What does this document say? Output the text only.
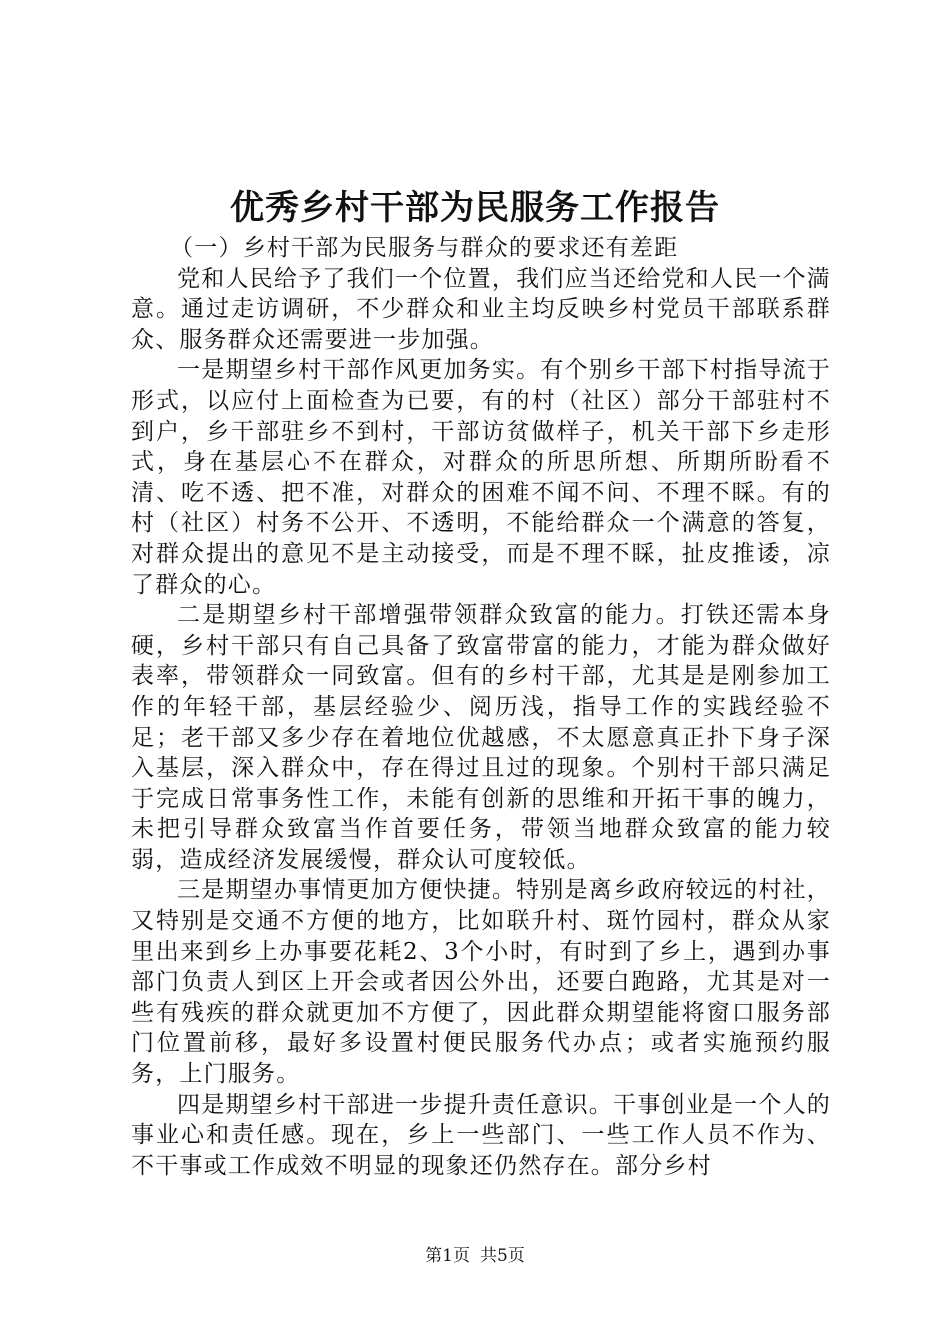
优秀乡村干部为民服务工作报告

（一）乡村干部为民服务与群众的要求还有差距

党和人民给予了我们一个位置，我们应当还给党和人民一个満意。通过走访调研，不少群众和业主均反映乡村党员干部联系群众、服务群众还需要进一步加强。

一是期望乡村干部作风更加务实。有个别乡干部下村指导流于形式，以应付上面检查为已要，有的村（社区）部分干部驻村不到户，乡干部驻乡不到村，干部访贫做样子，机关干部下乡走形式，身在基层心不在群众，对群众的所思所想、所期所盼看不清、吃不透、把不准，对群众的困难不闻不问、不理不睬。有的村（社区）村务不公开、不透明，不能给群众一个满意的答复，对群众提出的意见不是主动接受，而是不理不睬，扯皮推诿，凉了群众的心。

二是期望乡村干部增强带领群众致富的能力。打铁还需本身硬，乡村干部只有自己具备了致富带富的能力，才能为群众做好表率，带领群众一同致富。但有的乡村干部，尤其是是刚参加工作的年轻干部，基层经验少、阅历浅，指导工作的实践经验不足；老干部又多少存在着地位优越感，不太愿意真正扑下身子深入基层，深入群众中，存在得过且过的现象。个别村干部只满足于完成日常事务性工作，未能有创新的思维和开拓干事的魄力，未把引导群众致富当作首要任务，带领当地群众致富的能力较弱，造成经济发展缓慢，群众认可度较低。

三是期望办事情更加方便快捷。特别是离乡政府较远的村社，又特别是交通不方便的地方，比如联升村、斑竹园村，群众从家里出来到乡上办事要花耗2、3个小时，有时到了乡上，遇到办事部门负责人到区上开会或者因公外出，还要白跑路，尤其是对一些有残疾的群众就更加不方便了，因此群众期望能将窗口服务部门位置前移，最好多设置村便民服务代办点；或者实施预约服务，上门服务。

四是期望乡村干部进一步提升责任意识。干事创业是一个人的事业心和责任感。现在，乡上一些部门、一些工作人员不作为、不干事或工作成效不明显的现象还仍然存在。部分乡村

第1页 共5页
